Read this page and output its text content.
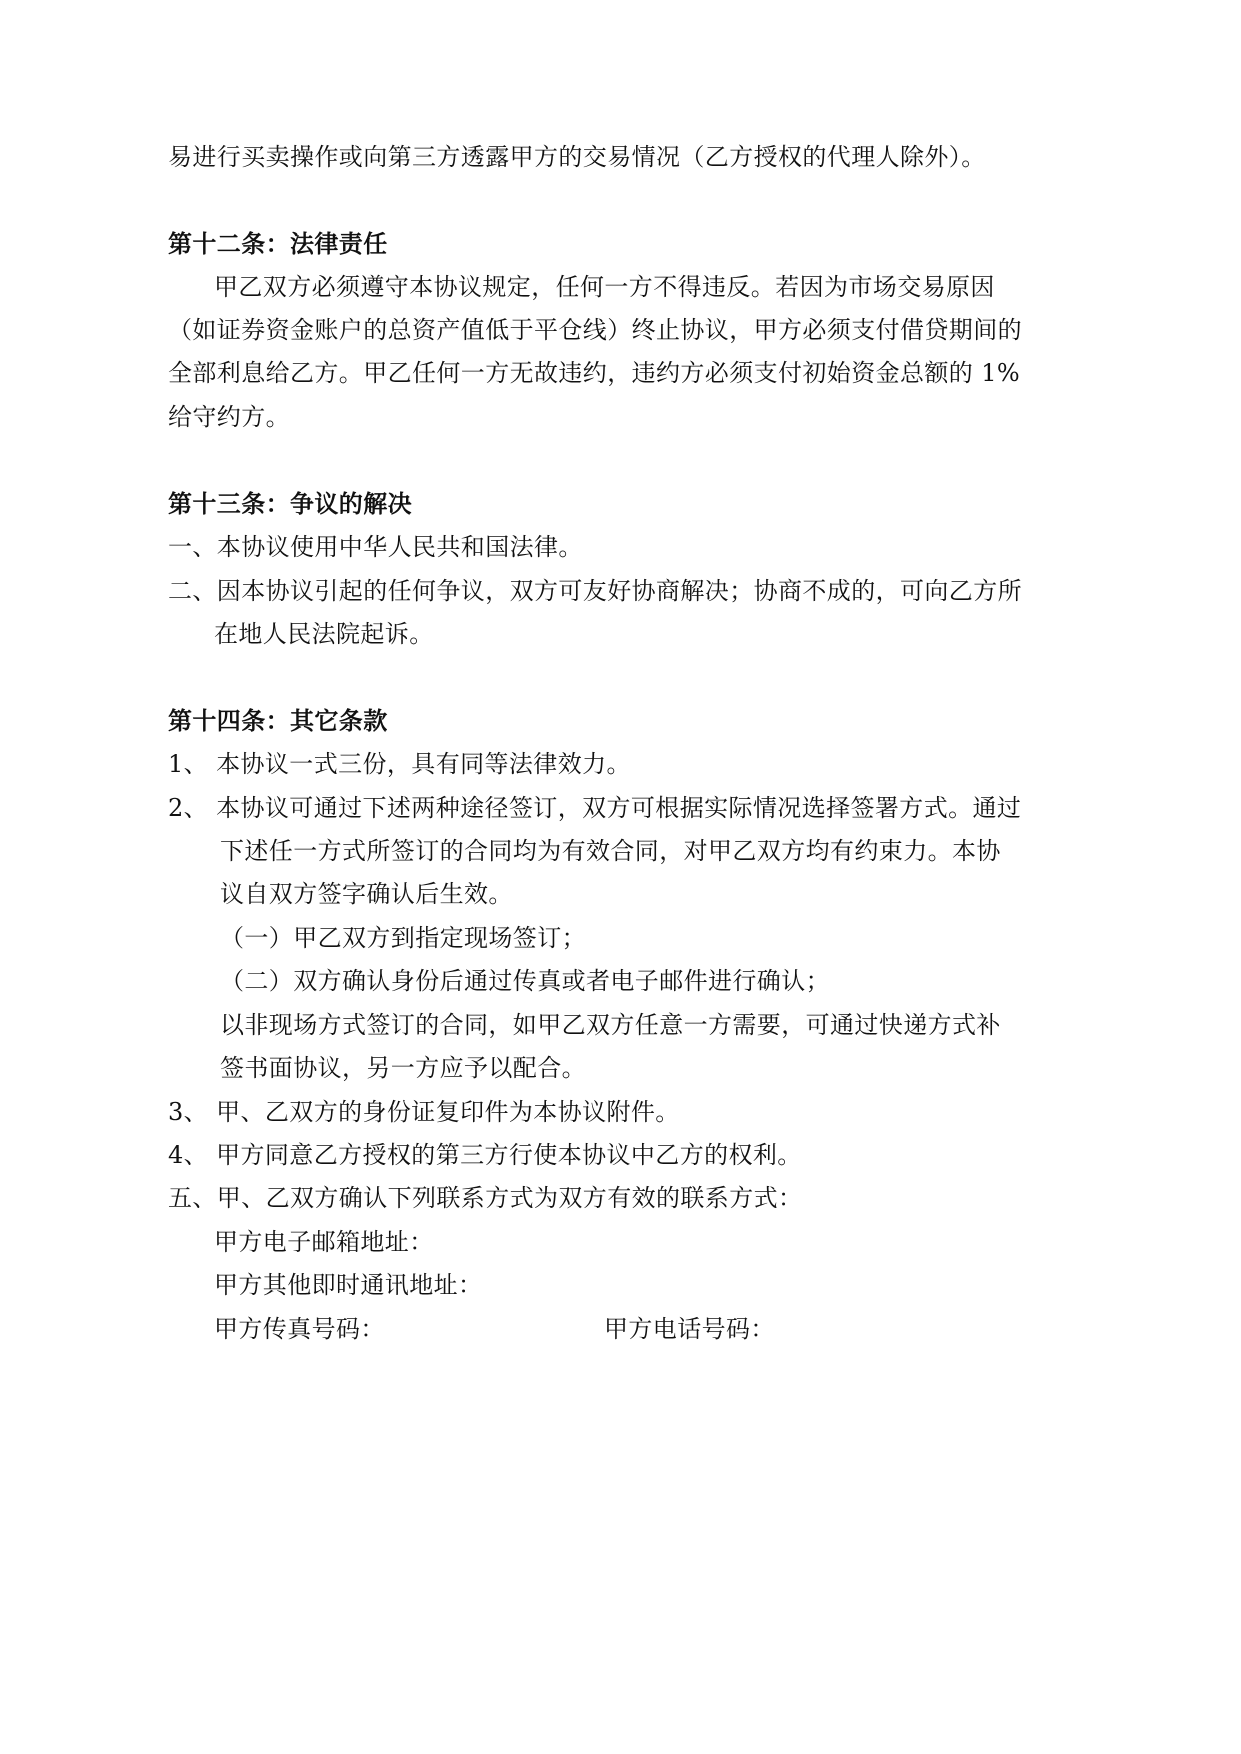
易进行买卖操作或向第三方透露甲方的交易情况（乙方授权的代理人除外）。
第十二条：法律责任
甲乙双方必须遵守本协议规定，任何一方不得违反。若因为市场交易原因
（如证券资金账户的总资产值低于平仓线）终止协议，甲方必须支付借贷期间的
全部利息给乙方。甲乙任何一方无故违约，违约方必须支付初始资金总额的 1%
给守约方。
第十三条：争议的解决
一、本协议使用中华人民共和国法律。
二、因本协议引起的任何争议，双方可友好协商解决；协商不成的，可向乙方所
在地人民法院起诉。
第十四条：其它条款
1、 本协议一式三份，具有同等法律效力。
2、 本协议可通过下述两种途径签订，双方可根据实际情况选择签署方式。通过
下述任一方式所签订的合同均为有效合同，对甲乙双方均有约束力。本协
议自双方签字确认后生效。
（一）甲乙双方到指定现场签订；
（二）双方确认身份后通过传真或者电子邮件进行确认；
以非现场方式签订的合同，如甲乙双方任意一方需要，可通过快递方式补
签书面协议，另一方应予以配合。
3、 甲、乙双方的身份证复印件为本协议附件。
4、 甲方同意乙方授权的第三方行使本协议中乙方的权利。
五、甲、乙双方确认下列联系方式为双方有效的联系方式：
甲方电子邮箱地址：
甲方其他即时通讯地址：
甲方传真号码：	甲方电话号码：
